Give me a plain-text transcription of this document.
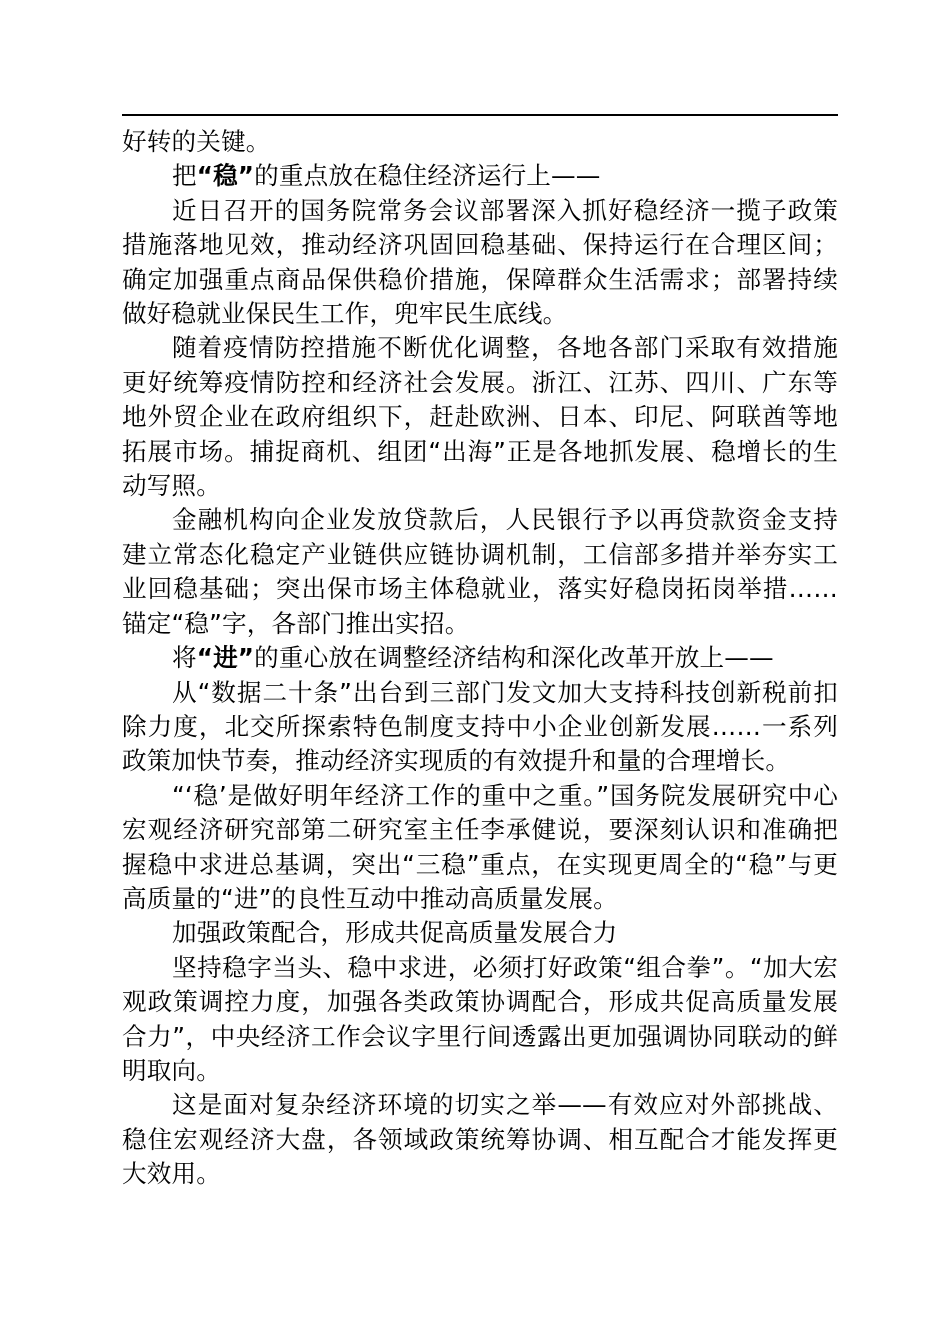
好转的关键。

把“稳”的重点放在稳住经济运行上——

近日召开的国务院常务会议部署深入抓好稳经济一揽子政策措施落地见效，推动经济巩固回稳基础、保持运行在合理区间；确定加强重点商品保供稳价措施，保障群众生活需求；部署持续做好稳就业保民生工作，兜牢民生底线。

随着疫情防控措施不断优化调整，各地各部门采取有效措施更好统筹疫情防控和经济社会发展。浙江、江苏、四川、广东等地外贸企业在政府组织下，赶赴欧洲、日本、印尼、阿联酋等地拓展市场。捕捉商机、组团“出海”正是各地抓发展、稳增长的生动写照。

金融机构向企业发放贷款后，人民银行予以再贷款资金支持建立常态化稳定产业链供应链协调机制，工信部多措并举夯实工业回稳基础；突出保市场主体稳就业，落实好稳岗拓岗举措……锚定“稳”字，各部门推出实招。

将“进”的重心放在调整经济结构和深化改革开放上——

从“数据二十条”出台到三部门发文加大支持科技创新税前扣除力度，北交所探索特色制度支持中小企业创新发展……一系列政策加快节奏，推动经济实现质的有效提升和量的合理增长。

“‘稳’是做好明年经济工作的重中之重。”国务院发展研究中心宏观经济研究部第二研究室主任李承健说，要深刻认识和准确把握稳中求进总基调，突出“三稳”重点，在实现更周全的“稳”与更高质量的“进”的良性互动中推动高质量发展。

加强政策配合，形成共促高质量发展合力

坚持稳字当头、稳中求进，必须打好政策“组合拳”。“加大宏观政策调控力度，加强各类政策协调配合，形成共促高质量发展合力”，中央经济工作会议字里行间透露出更加强调协同联动的鲜明取向。

这是面对复杂经济环境的切实之举——有效应对外部挑战、稳住宏观经济大盘，各领域政策统筹协调、相互配合才能发挥更大效用。
